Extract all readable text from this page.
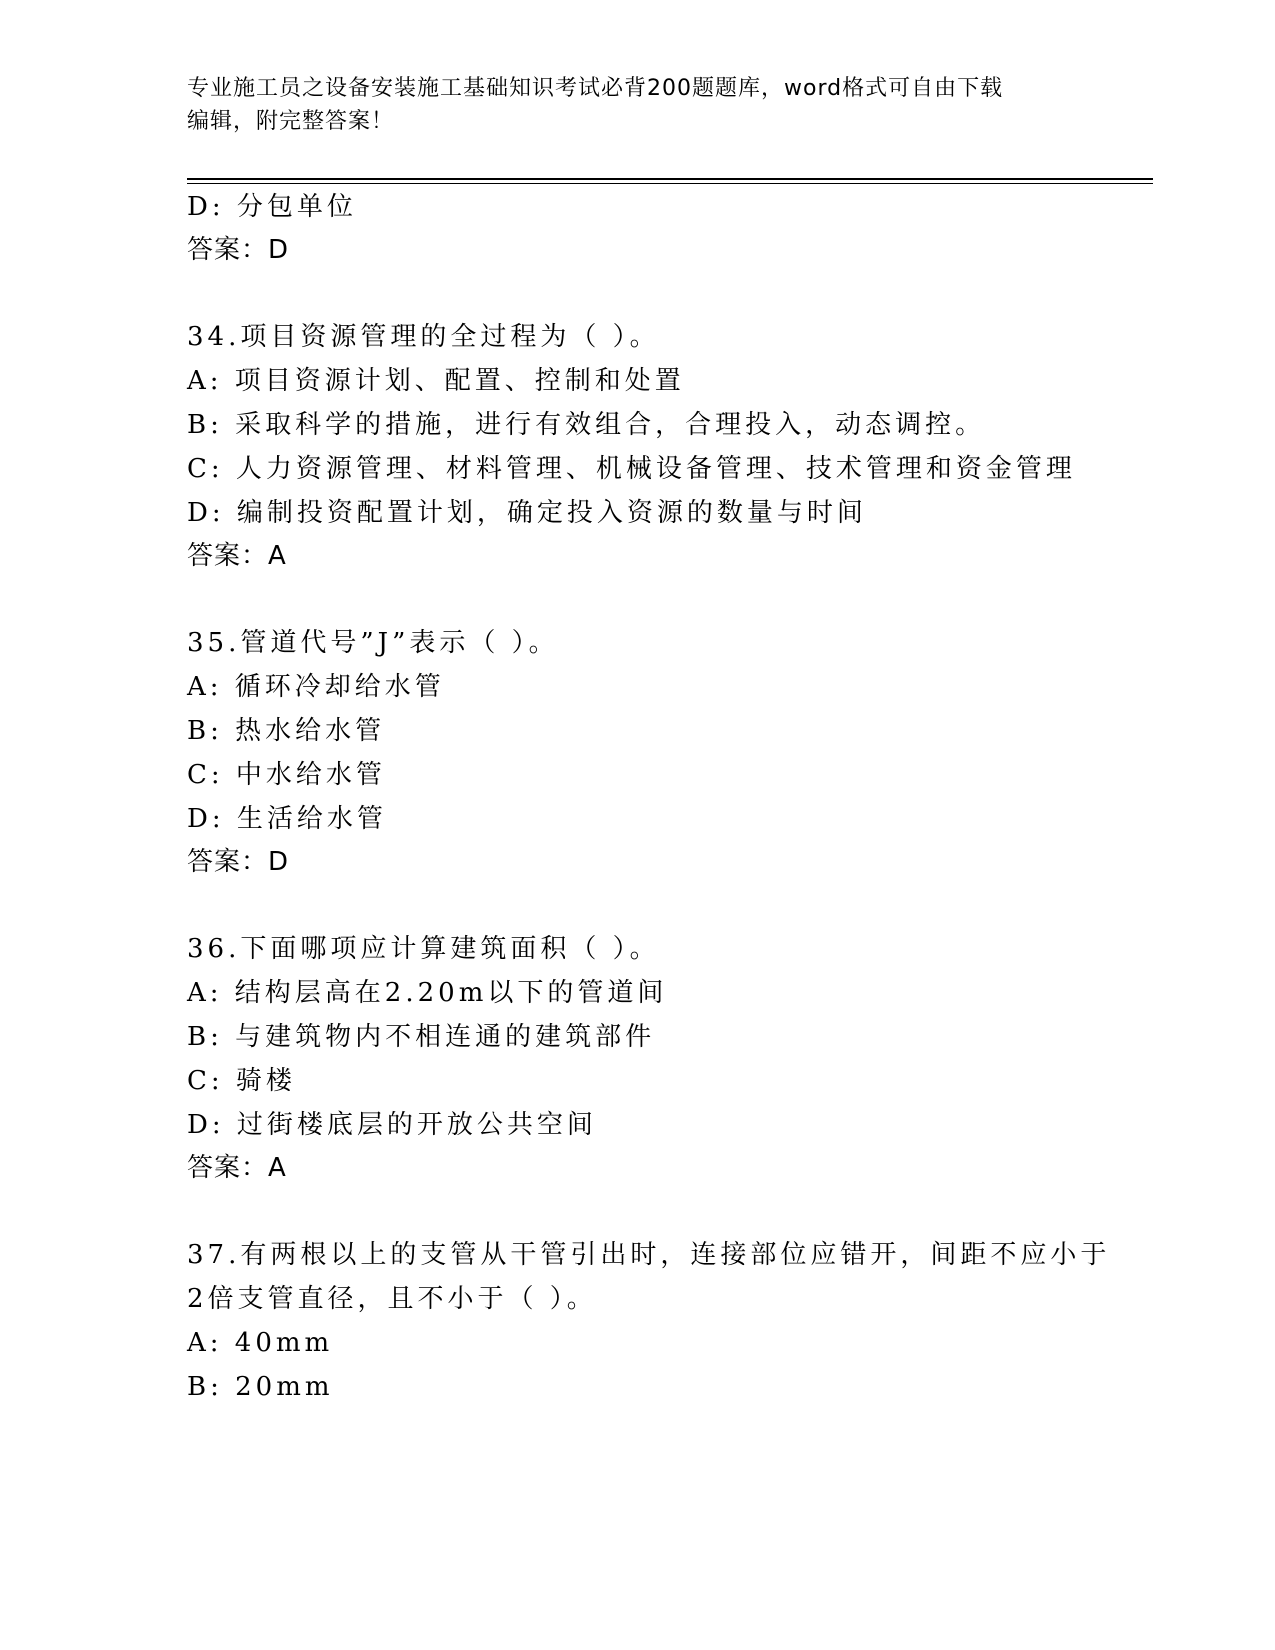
专业施工员之设备安装施工基础知识考试必背200题题库，word格式可自由下载
编辑，附完整答案！
D: 分包单位
答案：D
34.项目资源管理的全过程为（ ）。
A: 项目资源计划、配置、控制和处置
B: 采取科学的措施，进行有效组合，合理投入，动态调控。
C: 人力资源管理、材料管理、机械设备管理、技术管理和资金管理
D: 编制投资配置计划，确定投入资源的数量与时间
答案：A
35.管道代号”J”表示（ ）。
A: 循环冷却给水管
B: 热水给水管
C: 中水给水管
D: 生活给水管
答案：D
36.下面哪项应计算建筑面积（ ）。
A: 结构层高在2.20m以下的管道间
B: 与建筑物内不相连通的建筑部件
C: 骑楼
D: 过街楼底层的开放公共空间
答案：A
37.有两根以上的支管从干管引出时，连接部位应错开，间距不应小于
2倍支管直径，且不小于（ ）。
A: 40mm
B: 20mm
